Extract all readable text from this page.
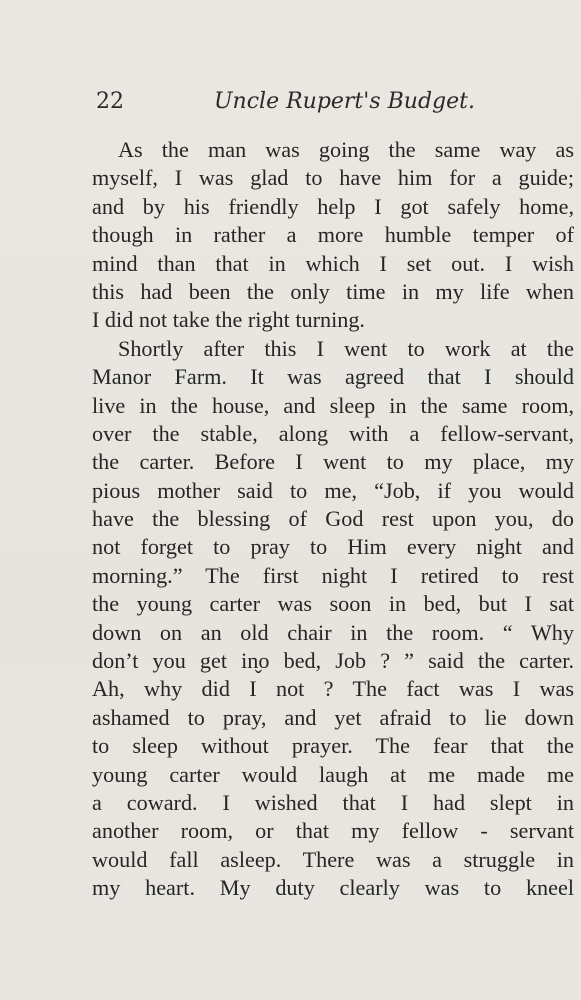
22	Uncle Rupert's Budget.
As the man was going the same way as
myself, I was glad to have him for a guide;
and by his friendly help I got safely home,
though in rather a more humble temper of
mind than that in which I set out. I wish
this had been the only time in my life when
I did not take the right turning.
Shortly after this I went to work at the
Manor Farm. It was agreed that I should
live in the house, and sleep in the same room,
over the stable, along with a fellow-servant,
the carter. Before I went to my place, my
pious mother said to me, “Job, if you would
have the blessing of God rest upon you, do
not forget to pray to Him every night and
morning.” The first night I retired to rest
the young carter was soon in bed, but I sat
down on an old chair in the room. “ Why
don’t you get in̬o bed, Job ? ” said the carter.
Ah, why did I not ? The fact was I was
ashamed to pray, and yet afraid to lie down
to sleep without prayer. The fear that the
young carter would laugh at me made me
a coward. I wished that I had slept in
another room, or that my fellow - servant
would fall asleep. There was a struggle in
my heart. My duty clearly was to kneel
